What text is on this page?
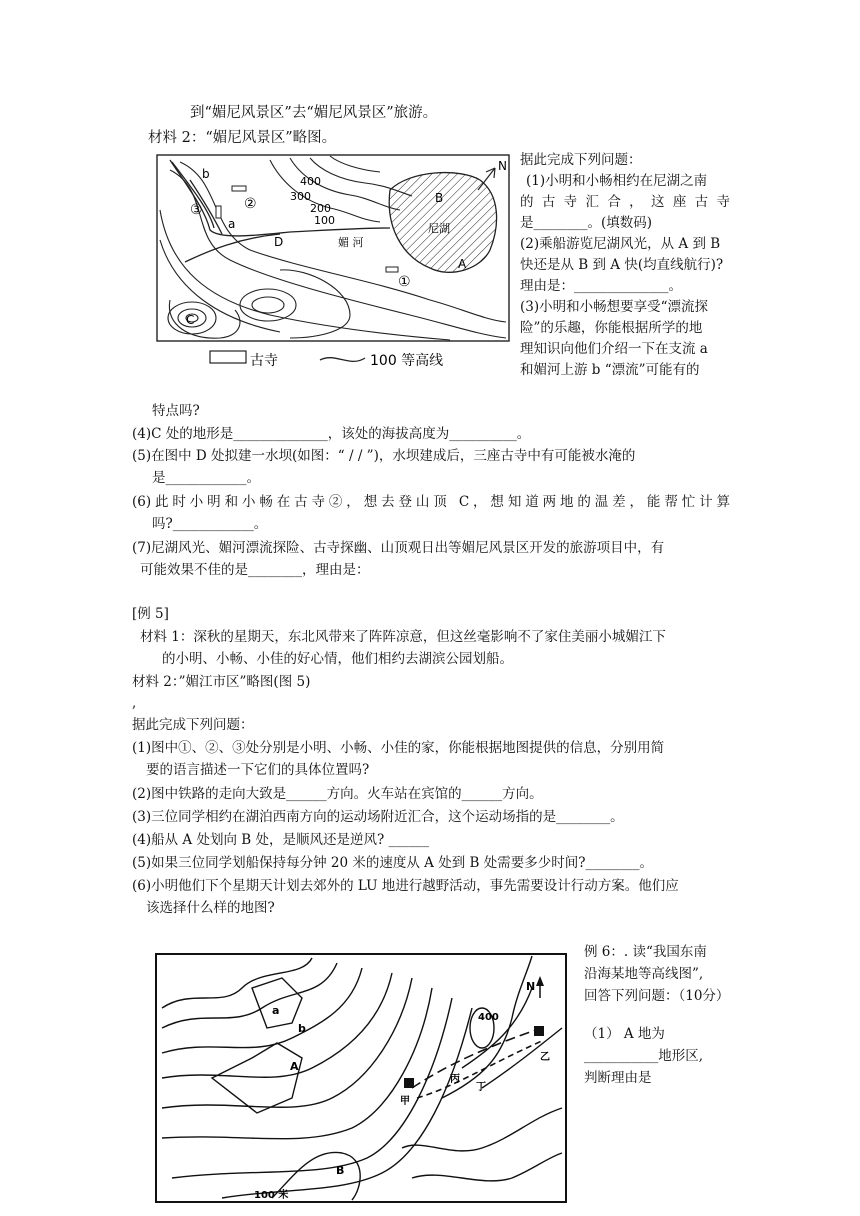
到“媚尼风景区”去“媚尼风景区”旅游。
材料 2：“媚尼风景区”略图。
N
b
③	②
a
①
D
C
B
A
尼湖
媚 河
400
300
200
100
古寺	100 等高线
据此完成下列问题：
(1)小明和小畅相约在尼湖之南
的 古 寺 汇 合 ， 这 座 古 寺
是________。(填数码)
(2)乘船游览尼湖风光，从 A 到 B
快还是从 B 到 A 快(均直线航行)?
理由是：______________。
(3)小明和小畅想要享受“漂流探
险”的乐趣，你能根据所学的地
理知识向他们介绍一下在支流 a
和媚河上游 b “漂流”可能有的
特点吗?
(4)C 处的地形是______________，该处的海拔高度为__________。
(5)在图中 D 处拟建一水坝(如图：“ / / ”)，水坝建成后，三座古寺中有可能被水淹的
是____________。
(6)此时小明和小畅在古寺②，想去登山顶 C，想知道两地的温差，能帮忙计算
吗?____________。
(7)尼湖风光、媚河漂流探险、古寺探幽、山顶观日出等媚尼风景区开发的旅游项目中，有
可能效果不佳的是________，理由是：
[例 5]
材料 1：深秋的星期天，东北风带来了阵阵凉意，但这丝毫影响不了家住美丽小城媚江下
的小明、小畅、小佳的好心情，他们相约去湖滨公园划船。
材料 2：”媚江市区”略图(图 5)
,
据此完成下列问题：
(1)图中①、②、③处分别是小明、小畅、小佳的家，你能根据地图提供的信息，分别用简
要的语言描述一下它们的具体位置吗?
(2)图中铁路的走向大致是______方向。火车站在宾馆的______方向。
(3)三位同学相约在湖泊西南方向的运动场附近汇合，这个运动场指的是________。
(4)船从 A 处划向 B 处，是顺风还是逆风? ______
(5)如果三位同学划船保持每分钟 20 米的速度从 A 处到 B 处需要多少时间?________。
(6)小明他们下个星期天计划去郊外的 LU 地进行越野活动，事先需要设计行动方案。他们应
该选择什么样的地图?
a
b
A
B
400
N
甲
丙
丁
乙
100 米
例 6：. 读“我国东南
沿海某地等高线图”,
回答下列问题：（10分）
（1） A 地为
___________地形区,
判断理由是
